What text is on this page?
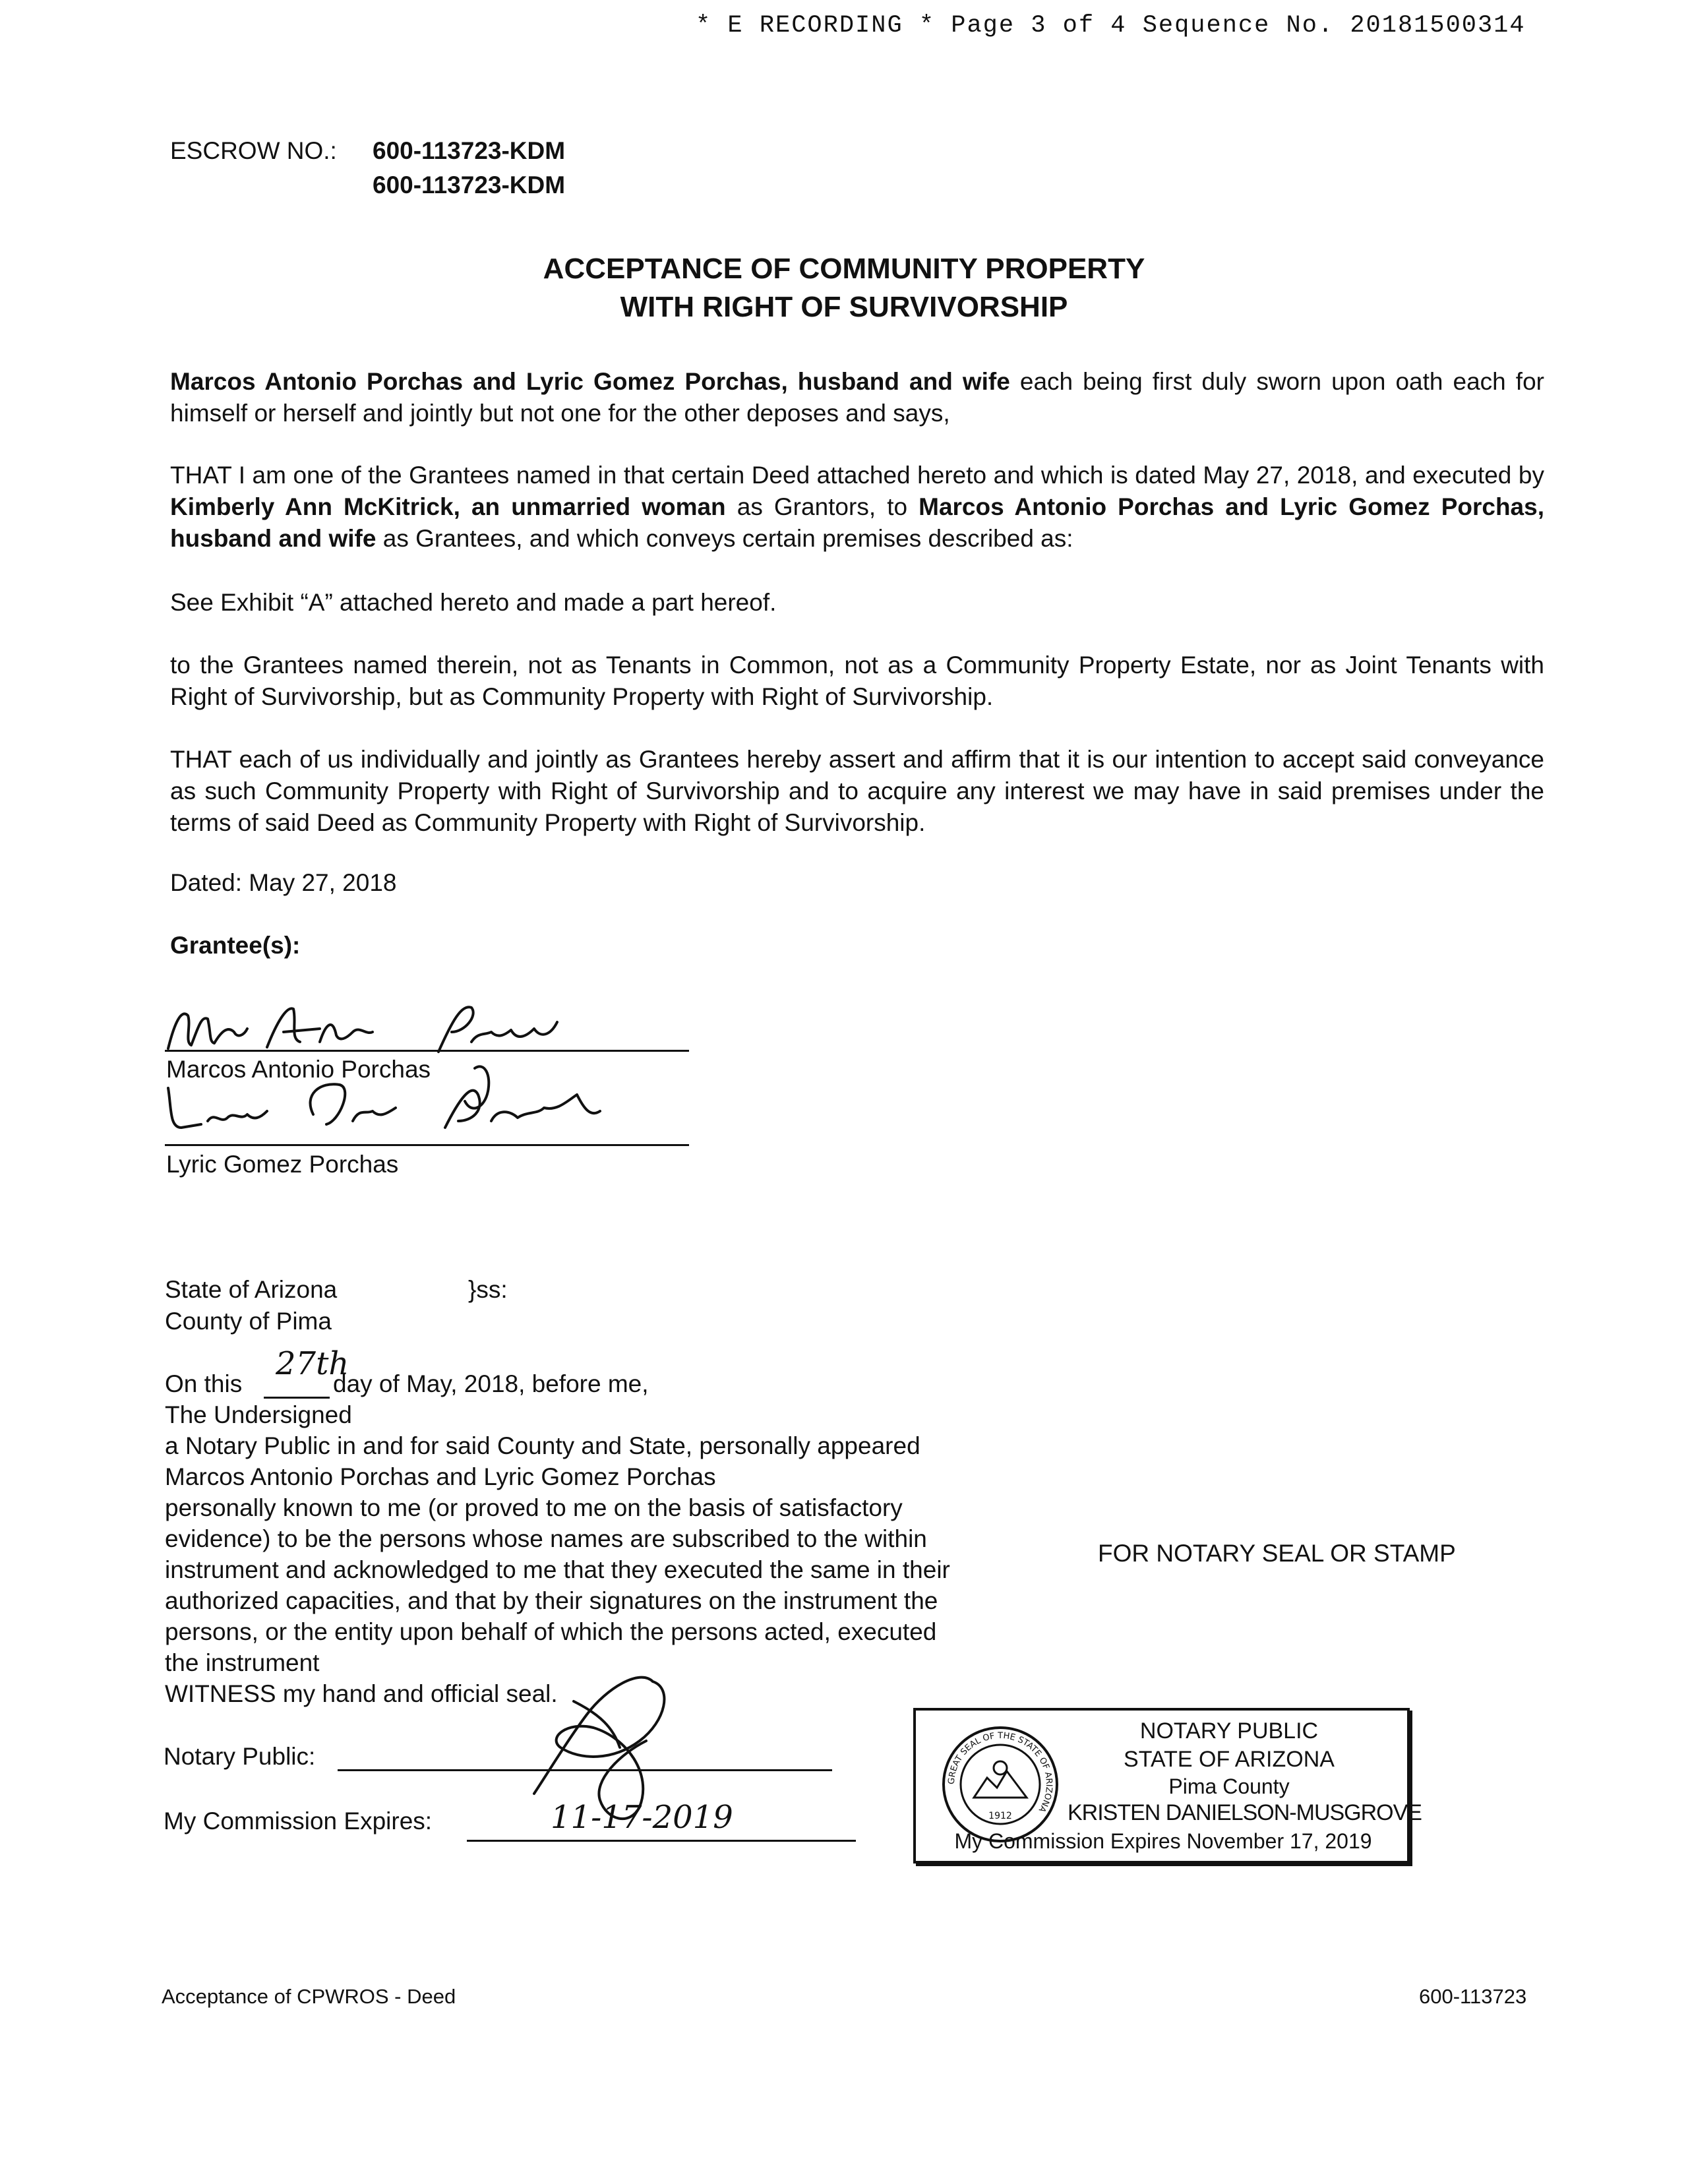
* E RECORDING * Page 3 of 4 Sequence No. 20181500314
ESCROW NO.: 600-113723-KDM
600-113723-KDM
ACCEPTANCE OF COMMUNITY PROPERTY
WITH RIGHT OF SURVIVORSHIP
Marcos Antonio Porchas and Lyric Gomez Porchas, husband and wife each being first duly sworn upon oath each for himself or herself and jointly but not one for the other deposes and says,
THAT I am one of the Grantees named in that certain Deed attached hereto and which is dated May 27, 2018, and executed by Kimberly Ann McKitrick, an unmarried woman as Grantors, to Marcos Antonio Porchas and Lyric Gomez Porchas, husband and wife as Grantees, and which conveys certain premises described as:
See Exhibit “A” attached hereto and made a part hereof.
to the Grantees named therein, not as Tenants in Common, not as a Community Property Estate, nor as Joint Tenants with Right of Survivorship, but as Community Property with Right of Survivorship.
THAT each of us individually and jointly as Grantees hereby assert and affirm that it is our intention to accept said conveyance as such Community Property with Right of Survivorship and to acquire any interest we may have in said premises under the terms of said Deed as Community Property with Right of Survivorship.
Dated: May 27, 2018
Grantee(s):
Marcos Antonio Porchas
Lyric Gomez Porchas
State of Arizona	}ss:
County of Pima
On this
27th
day of May, 2018, before me,
The Undersigned
a Notary Public in and for said County and State, personally appeared
Marcos Antonio Porchas and Lyric Gomez Porchas
personally known to me (or proved to me on the basis of satisfactory
evidence) to be the persons whose names are subscribed to the within
instrument and acknowledged to me that they executed the same in their
authorized capacities, and that by their signatures on the instrument the
persons, or the entity upon behalf of which the persons acted, executed
the instrument
WITNESS my hand and official seal.
FOR NOTARY SEAL OR STAMP
Notary Public:
My Commission Expires:	11-17-2019
GREAT SEAL OF THE STATE OF ARIZONA
1912
NOTARY PUBLIC
STATE OF ARIZONA
Pima County
KRISTEN DANIELSON-MUSGROVE
My Commission Expires November 17, 2019
Acceptance of CPWROS - Deed	600-113723
